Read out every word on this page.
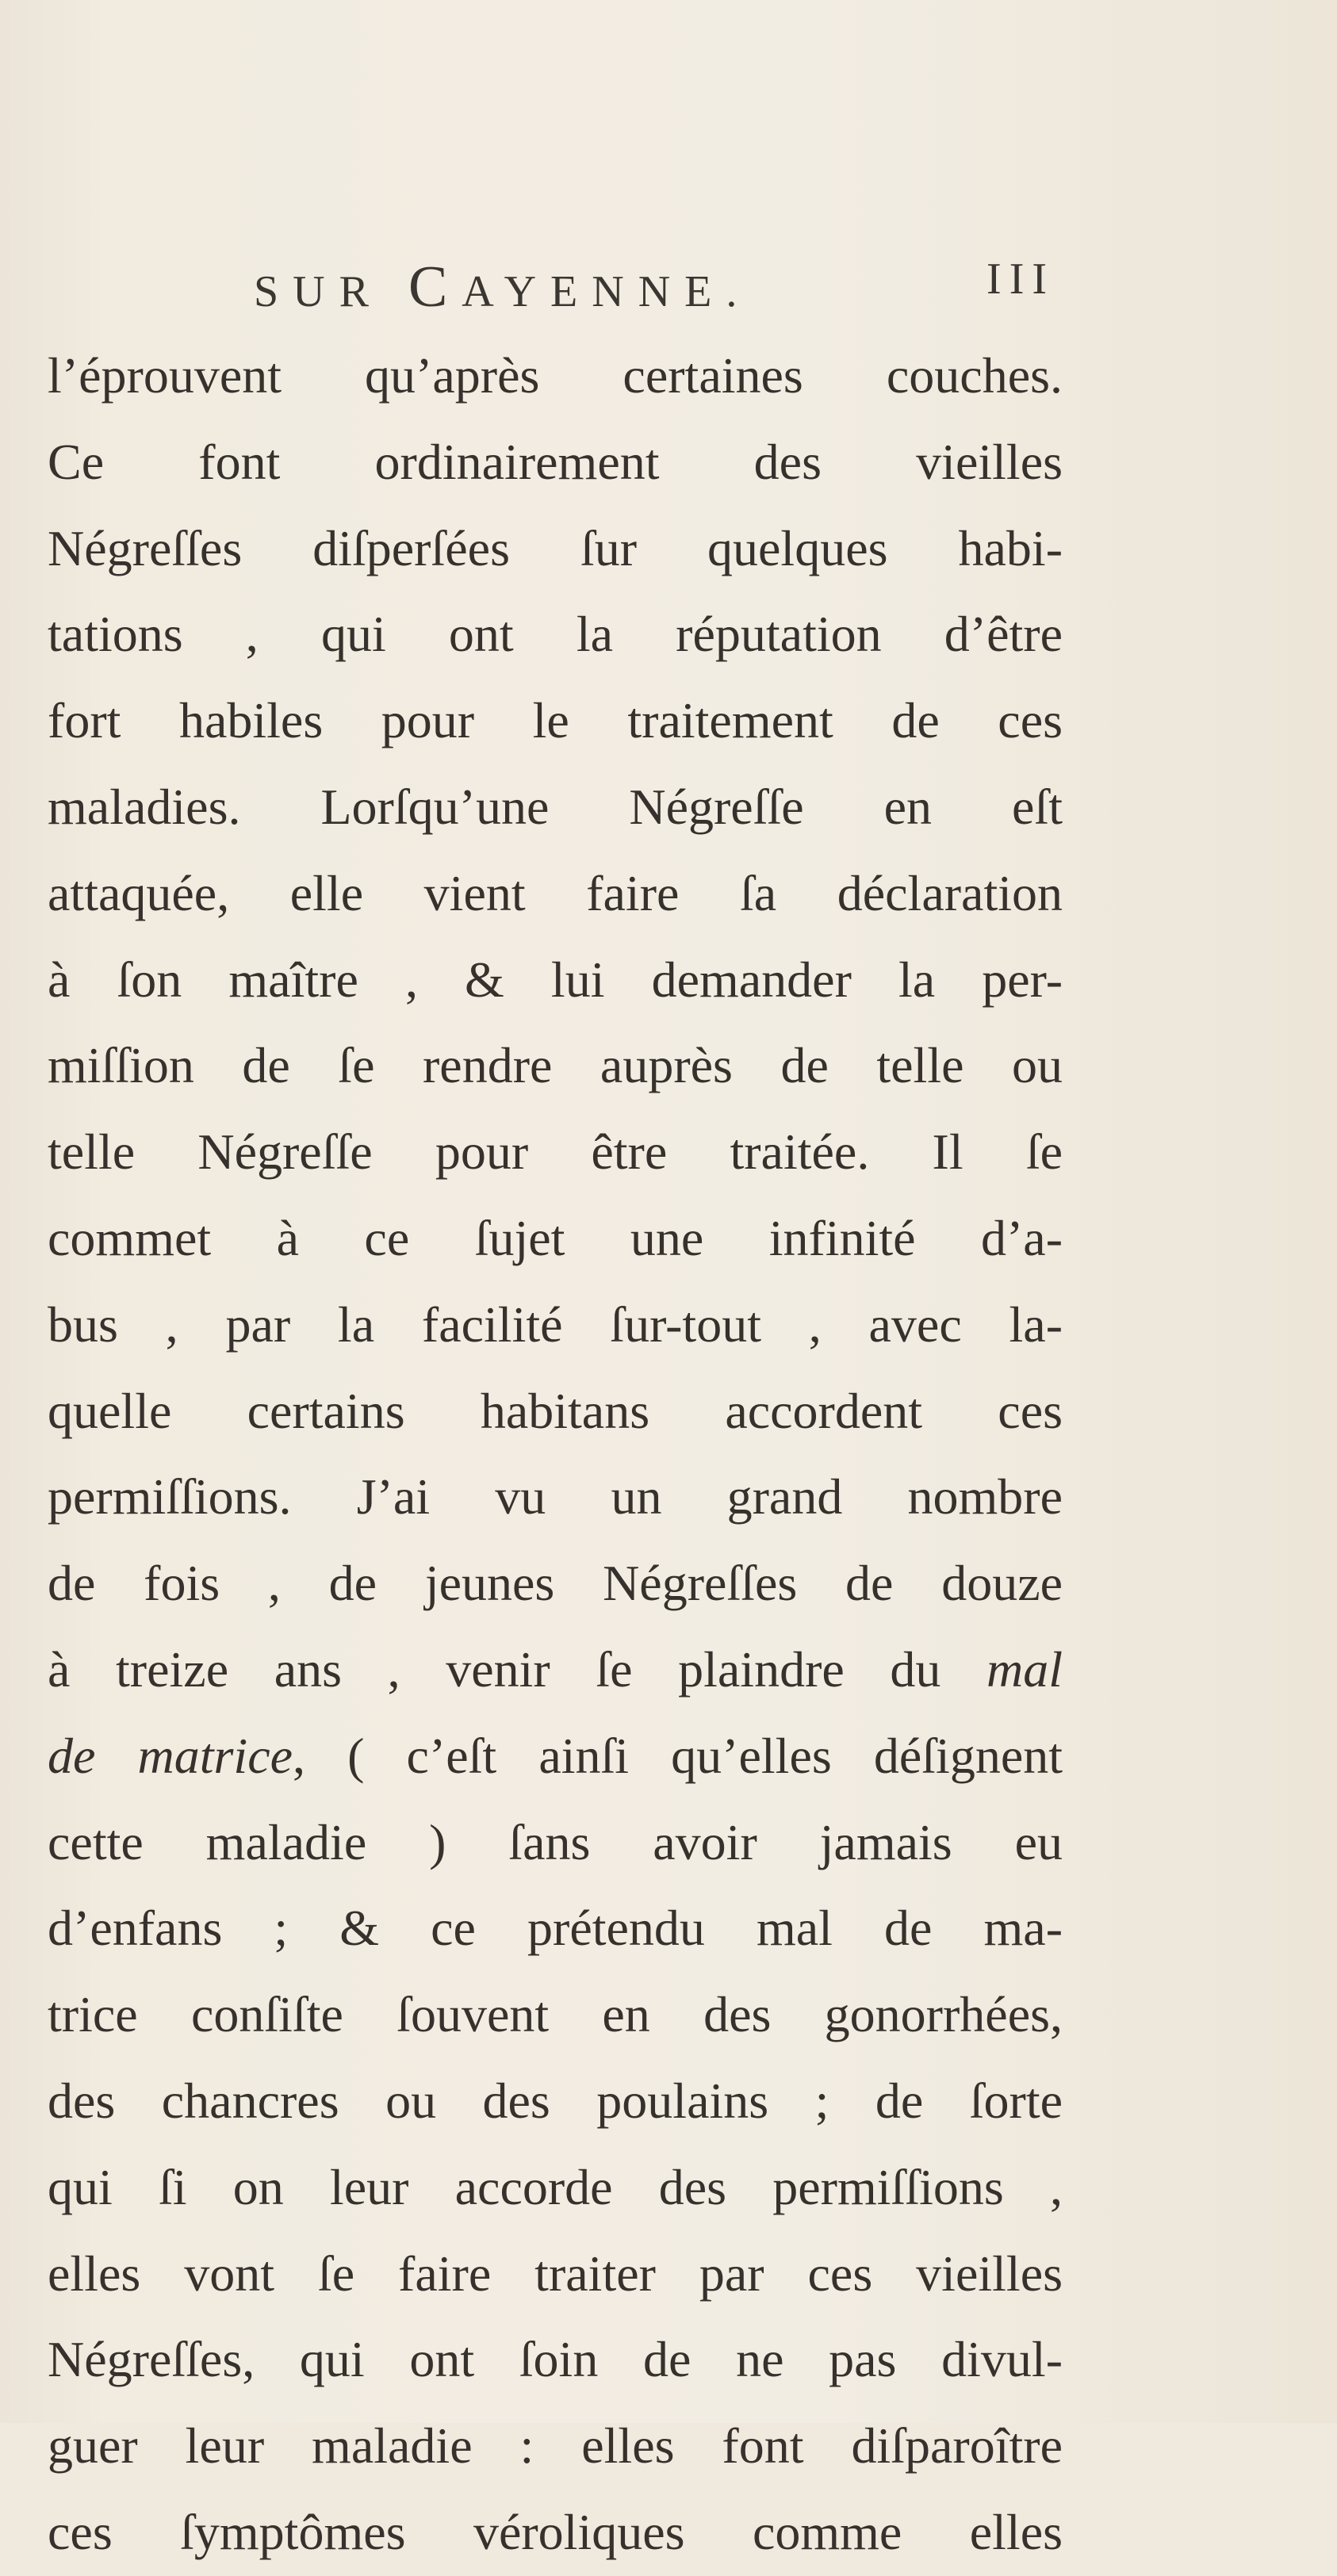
SUR CAYENNE.	III
l’éprouvent qu’après certaines couches.
Ce font ordinairement des vieilles
Négreſſes diſperſées ſur quelques habi-
tations , qui ont la réputation d’être
fort habiles pour le traitement de ces
maladies. Lorſqu’une Négreſſe en eſt
attaquée, elle vient faire ſa déclaration
à ſon maître , & lui demander la per-
miſſion de ſe rendre auprès de telle ou
telle Négreſſe pour être traitée. Il ſe
commet à ce ſujet une infinité d’a-
bus , par la facilité ſur-tout , avec la-
quelle certains habitans accordent ces
permiſſions. J’ai vu un grand nombre
de fois , de jeunes Négreſſes de douze
à treize ans , venir ſe plaindre du mal
de matrice, ( c’eſt ainſi qu’elles déſignent
cette maladie ) ſans avoir jamais eu
d’enfans ; & ce prétendu mal de ma-
trice conſiſte ſouvent en des gonorrhées,
des chancres ou des poulains ; de ſorte
qui ſi on leur accorde des permiſſions ,
elles vont ſe faire traiter par ces vieilles
Négreſſes, qui ont ſoin de ne pas divul-
guer leur maladie : elles font diſparoître
ces ſymptômes véroliques comme elles
